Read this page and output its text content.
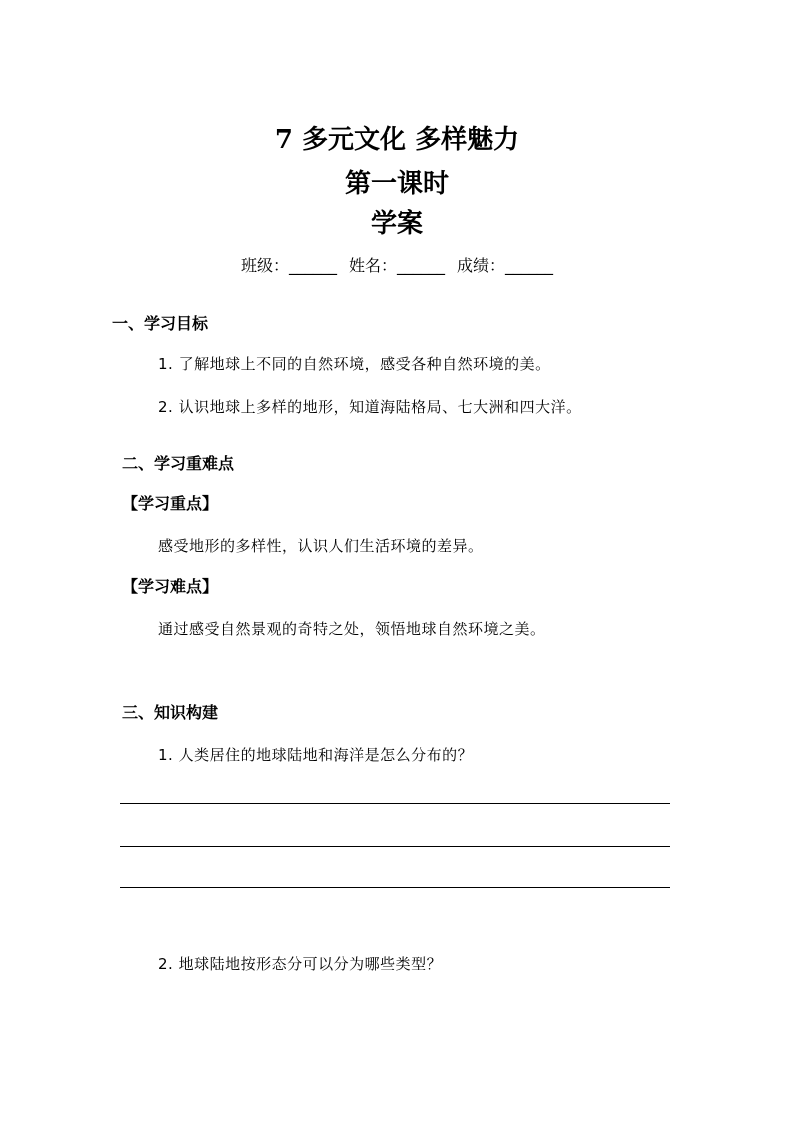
7 多元文化 多样魅力
第一课时
学案
班级：______ 姓名：______ 成绩：______
一、学习目标
1. 了解地球上不同的自然环境，感受各种自然环境的美。
2. 认识地球上多样的地形，知道海陆格局、七大洲和四大洋。
二、学习重难点
【学习重点】
感受地形的多样性，认识人们生活环境的差异。
【学习难点】
通过感受自然景观的奇特之处，领悟地球自然环境之美。
三、知识构建
1. 人类居住的地球陆地和海洋是怎么分布的？
2. 地球陆地按形态分可以分为哪些类型？
